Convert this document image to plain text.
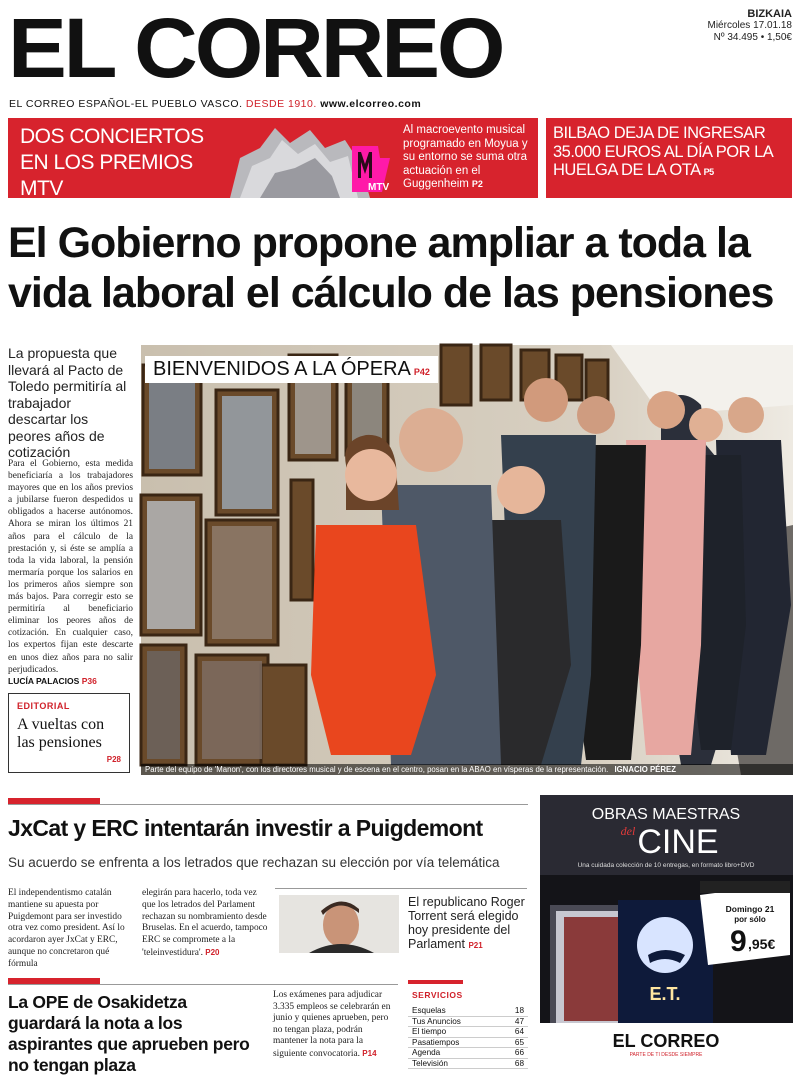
EL CORREO	BIZKAIA
Miércoles 17.01.18
Nº 34.495 • 1,50€
EL CORREO ESPAÑOL-EL PUEBLO VASCO. DESDE 1910. www.elcorreo.com
DOS CONCIERTOS EN LOS PREMIOS MTV	MTV
Al macroevento musical programado en Moyua y su entorno se suma otra actuación en el Guggenheim P2
BILBAO DEJA DE INGRESAR 35.000 EUROS AL DÍA POR LA HUELGA DE LA OTA P5
El Gobierno propone ampliar a toda la vida laboral el cálculo de las pensiones
La propuesta que llevará al Pacto de Toledo permitiría al trabajador descartar los peores años de cotización
Para el Gobierno, esta medida beneficiaría a los trabajadores mayores que en los años previos a jubilarse fueron despedidos u obligados a hacerse autónomos. Ahora se miran los últimos 21 años para el cálculo de la prestación y, si éste se amplía a toda la vida laboral, la pensión mermaría porque los salarios en los primeros años siempre son más bajos. Para corregir esto se permitiría al beneficiario eliminar los peores años de cotización. En cualquier caso, los expertos fijan este descarte en unos diez años para no salir perjudicados.
LUCÍA PALACIOS P36
EDITORIAL
A vueltas con las pensiones
P28
BIENVENIDOS A LA ÓPERA P42
Parte del equipo de 'Manon', con los directores musical y de escena en el centro, posan en la ABAO en vísperas de la representación. IGNACIO PÉREZ
JxCat y ERC intentarán investir a Puigdemont
Su acuerdo se enfrenta a los letrados que rechazan su elección por vía telemática
El independentismo catalán mantiene su apuesta por Puigdemont para ser investido otra vez como president. Así lo acordaron ayer JxCat y ERC, aunque no concretaron qué fórmula
elegirán para hacerlo, toda vez que los letrados del Parlament rechazan su nombramiento desde Bruselas. En el acuerdo, tampoco ERC se compromete a la 'teleinvestidura'. P20
El republicano Roger Torrent será elegido hoy presidente del Parlament P21
La OPE de Osakidetza guardará la nota a los aspirantes que aprueben pero no tengan plaza
Los exámenes para adjudicar 3.335 empleos se celebrarán en junio y quienes aprueben, pero no tengan plaza, podrán mantener la nota para la siguiente convocatoria. P14
SERVICIOS
Esquelas	18
Tus Anuncios	47
El tiempo	64
Pasatiempos	65
Agenda	66
Televisión	68
OBRAS MAESTRAS
del CINE
Una cuidada colección de 10 entregas, en formato libro+DVD
E.T.
Domingo 21
por sólo
9 ,95€
EL CORREO
PARTE DE TI DESDE SIEMPRE
